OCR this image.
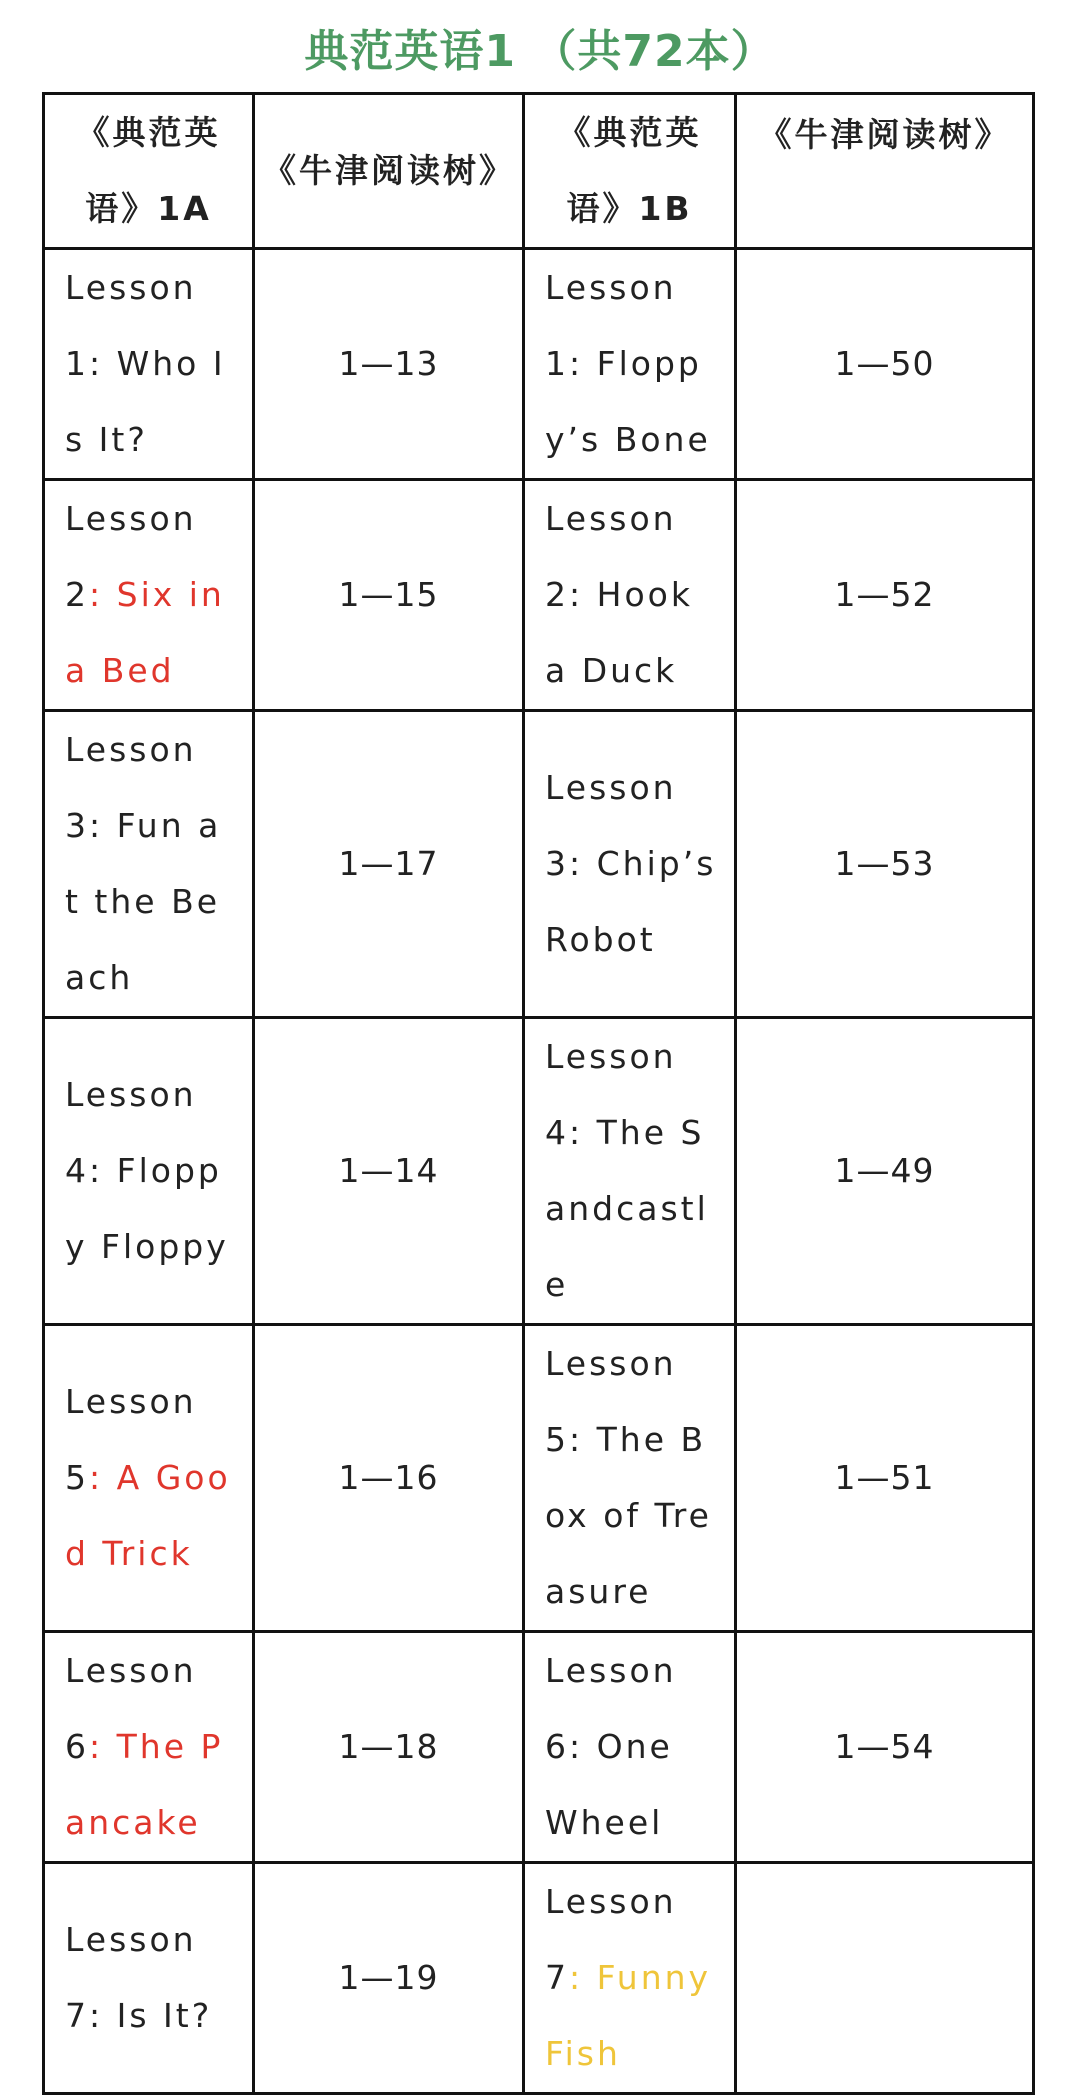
典范英语1 （共72本）
《典范英语》1A	《牛津阅读树》	《典范英语》1B	《牛津阅读树》
Lesson 1: Who Is It?	1—13	Lesson 1: Floppy’s Bone	1—50
Lesson 2: Six in a Bed	1—15	Lesson 2: Hook a Duck	1—52
Lesson 3: Fun at the Beach	1—17	Lesson 3: Chip’s Robot	1—53
Lesson 4: Floppy Floppy	1—14	Lesson 4: The Sandcastle	1—49
Lesson 5: A Good Trick	1—16	Lesson 5: The Box of Treasure	1—51
Lesson 6: The Pancake	1—18	Lesson 6: One Wheel	1—54
Lesson 7: Is It?	1—19	Lesson 7: Funny Fish	
